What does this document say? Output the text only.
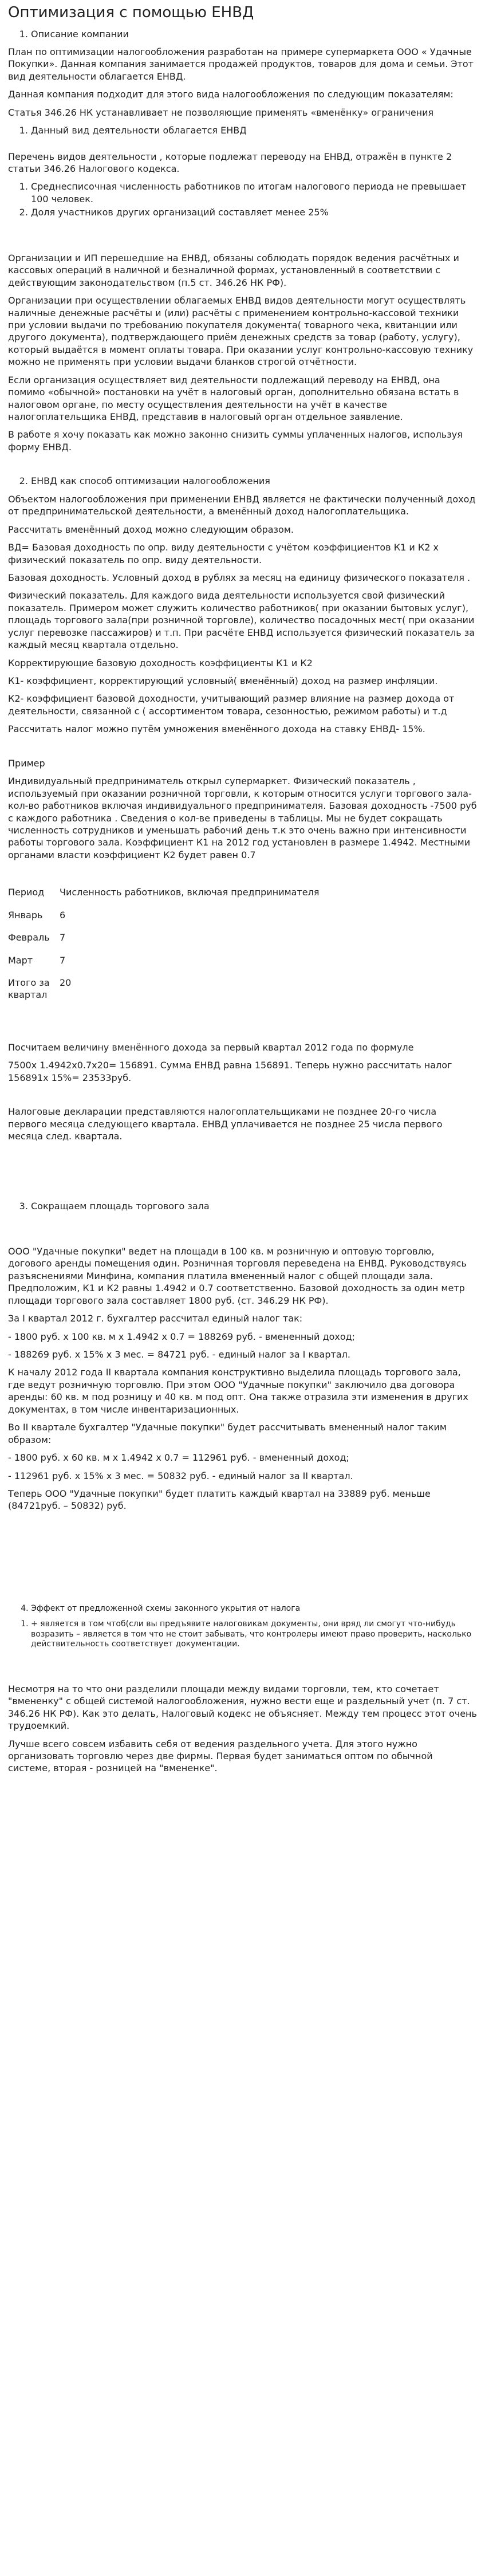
Оптимизация с помощью ЕНВД
1. Описание компании

План по оптимизации налогообложения разработан на примере супермаркета ООО « Удачные Покупки». Данная компания занимается продажей продуктов, товаров для дома и семьи. Этот вид деятельности облагается ЕНВД.

Данная компания подходит для этого вида налогообложения по следующим показателям:

Статья 346.26 НК устанавливает не позволяющие применять «вменёнку» ограничения

1. Данный вид деятельности облагается ЕНВД

Перечень видов деятельности , которые подлежат переводу на ЕНВД, отражён в пункте 2 статьи 346.26 Налогового кодекса.

1. Среднесписочная численность работников по итогам налогового периода не превышает 100 человек.
2. Доля участников других организаций составляет менее 25%

Организации и ИП перешедшие на ЕНВД, обязаны соблюдать порядок ведения расчётных и кассовых операций в наличной и безналичной формах, установленный в соответствии с действующим законодательством (п.5 ст. 346.26 НК РФ).

Организации при осуществлении облагаемых ЕНВД видов деятельности могут осуществлять наличные денежные расчёты и (или) расчёты с применением контрольно-кассовой техники при условии выдачи по требованию покупателя документа( товарного чека, квитанции или другого документа), подтверждающего приём денежных средств за товар (работу, услугу), который выдаётся в момент оплаты товара. При оказании услуг контрольно-кассовую технику можно не применять при условии выдачи бланков строгой отчётности.

Если организация осуществляет вид деятельности подлежащий переводу на ЕНВД, она помимо «обычной» постановки на учёт в налоговый орган, дополнительно обязана встать в налоговом органе, по месту осуществления деятельности на учёт в качестве налогоплательщика ЕНВД, представив в налоговый орган отдельное заявление.

В работе я хочу показать как можно законно снизить суммы уплаченных налогов, используя форму ЕНВД.

2. ЕНВД как способ оптимизации налогообложения

Объектом налогообложения при применении ЕНВД является не фактически полученный доход от предпринимательской деятельности, а вменённый доход налогоплательщика.

Рассчитать вменённый доход можно следующим образом.

ВД= Базовая доходность по опр. виду деятельности с учётом коэффициентов К1 и К2 х физический показатель по опр. виду деятельности.

Базовая доходность. Условный доход в рублях за месяц на единицу физического показателя .

Физический показатель. Для каждого вида деятельности используется свой физический показатель. Примером может служить количество работников( при оказании бытовых услуг), площадь торгового зала(при розничной торговле), количество посадочных мест( при оказании услуг перевозке пассажиров) и т.п. При расчёте ЕНВД используется физический показатель за каждый месяц квартала отдельно.

Корректирующие базовую доходность коэффициенты К1 и К2

К1- коэффициент, корректирующий условный( вменённый) доход на размер инфляции.

К2- коэффициент базовой доходности, учитывающий размер влияние на размер дохода от деятельности, связанной с ( ассортиментом товара, сезонностью, режимом работы) и т.д

Рассчитать налог можно путём умножения вменённого дохода на ставку ЕНВД- 15%.

Пример

Индивидуальный предприниматель открыл супермаркет. Физический показатель , используемый при оказании розничной торговли, к которым относится услуги торгового зала- кол-во работников включая индивидуального предпринимателя. Базовая доходность -7500 руб с каждого работника . Сведения о кол-ве приведены в таблицы. Мы не будет сокращать численность сотрудников и уменьшать рабочий день т.к это очень важно при интенсивности работы торгового зала. Коэффициент К1 на 2012 год установлен в размере 1.4942. Местными органами власти коэффициент К2 будет равен 0.7

Период	Численность работников, включая предпринимателя
Январь	6
Февраль	7
Март	7
Итого за квартал	20

Посчитаем величину вменённого дохода за первый квартал 2012 года по формуле

7500х 1.4942х0.7х20= 156891. Сумма ЕНВД равна 156891. Теперь нужно рассчитать налог 156891х 15%= 23533руб.

Налоговые декларации представляются налогоплательщиками не позднее 20-го числа первого месяца следующего квартала. ЕНВД уплачивается не позднее 25 числа первого месяца след. квартала.

3. Сокращаем площадь торгового зала

ООО "Удачные покупки" ведет на площади в 100 кв. м розничную и оптовую торговлю, догового аренды помещения один. Розничная торговля переведена на ЕНВД. Руководствуясь разъяснениями Минфина, компания платила вмененный налог с общей площади зала. Предположим, К1 и К2 равны 1.4942 и 0.7 соответственно. Базовой доходность за один метр площади торгового зала составляет 1800 руб. (ст. 346.29 НК РФ).

За I квартал 2012 г. бухгалтер рассчитал единый налог так:

- 1800 руб. х 100 кв. м х 1.4942 х 0.7 = 188269 руб. - вмененный доход;

- 188269 руб. х 15% х 3 мес. = 84721 руб. - единый налог за I квартал.

К началу 2012 года II квартала компания конструктивно выделила площадь торгового зала, где ведут розничную торговлю. При этом ООО "Удачные покупки" заключило два договора аренды: 60 кв. м под розницу и 40 кв. м под опт. Она также отразила эти изменения в других документах, в том числе инвентаризационных.

Во II квартале бухгалтер "Удачные покупки" будет рассчитывать вмененный налог таким образом:

- 1800 руб. х 60 кв. м х 1.4942 х 0.7 = 112961 руб. - вмененный доход;

- 112961 руб. х 15% х 3 мес. = 50832 руб. - единый налог за II квартал.

Теперь ООО "Удачные покупки" будет платить каждый квартал на 33889 руб. меньше (84721руб. – 50832) руб.

4. Эффект от предложенной схемы законного укрытия от налога
1. + является в том чтоб(сли вы предъявите налоговикам документы, они вряд ли смогут что-нибудь возразить – является в том что не стоит забывать, что контролеры имеют право проверить, насколько действительность соответствует документации.

Несмотря на то что они разделили площади между видами торговли, тем, кто сочетает "вмененку" с общей системой налогообложения, нужно вести еще и раздельный учет (п. 7 ст. 346.26 НК РФ). Как это делать, Налоговый кодекс не объясняет. Между тем процесс этот очень трудоемкий.

Лучше всего совсем избавить себя от ведения раздельного учета. Для этого нужно организовать торговлю через две фирмы. Первая будет заниматься оптом по обычной системе, вторая - розницей на "вмененке".
